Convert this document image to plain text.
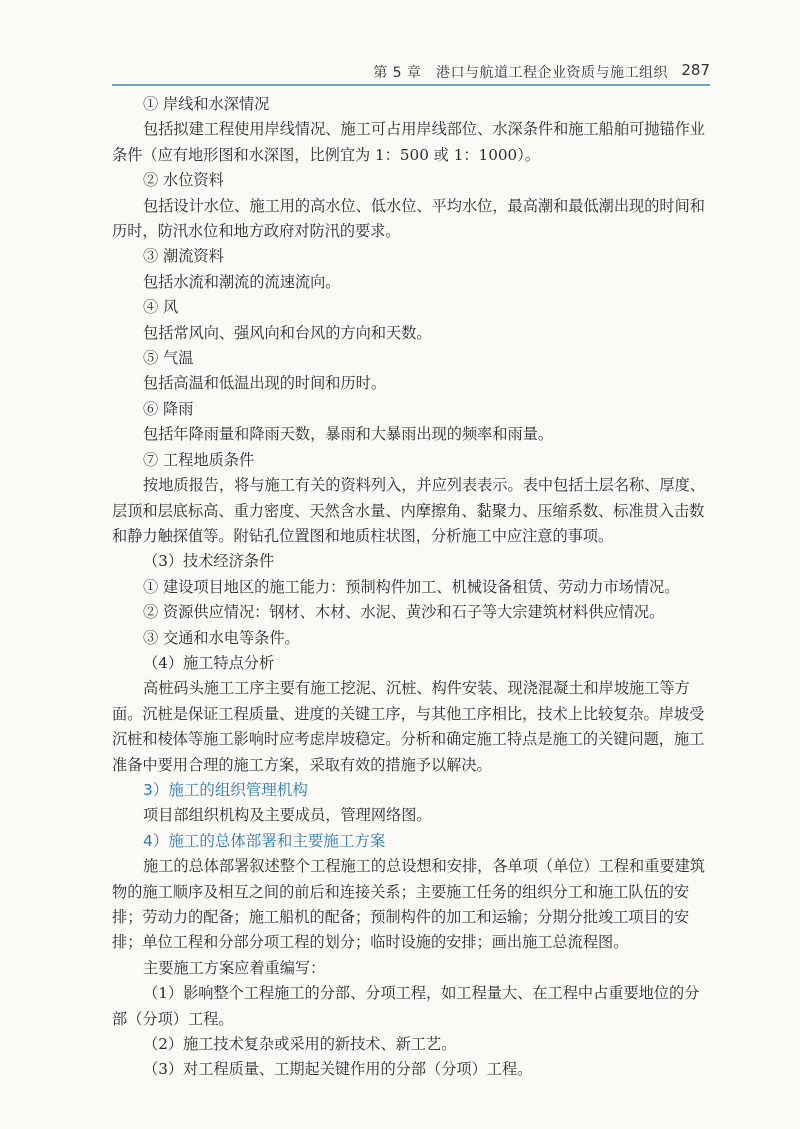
第 5 章　港口与航道工程企业资质与施工组织 287

① 岸线和水深情况

包括拟建工程使用岸线情况、施工可占用岸线部位、水深条件和施工船舶可抛锚作业条件（应有地形图和水深图，比例宜为 1：500 或 1：1000）。

② 水位资料

包括设计水位、施工用的高水位、低水位、平均水位，最高潮和最低潮出现的时间和历时，防汛水位和地方政府对防汛的要求。

③ 潮流资料

包括水流和潮流的流速流向。

④ 风

包括常风向、强风向和台风的方向和天数。

⑤ 气温

包括高温和低温出现的时间和历时。

⑥ 降雨

包括年降雨量和降雨天数，暴雨和大暴雨出现的频率和雨量。

⑦ 工程地质条件

按地质报告，将与施工有关的资料列入，并应列表表示。表中包括土层名称、厚度、层顶和层底标高、重力密度、天然含水量、内摩擦角、黏聚力、压缩系数、标准贯入击数和静力触探值等。附钻孔位置图和地质柱状图，分析施工中应注意的事项。

（3）技术经济条件

① 建设项目地区的施工能力：预制构件加工、机械设备租赁、劳动力市场情况。

② 资源供应情况：钢材、木材、水泥、黄沙和石子等大宗建筑材料供应情况。

③ 交通和水电等条件。

（4）施工特点分析

高桩码头施工工序主要有施工挖泥、沉桩、构件安装、现浇混凝土和岸坡施工等方面。沉桩是保证工程质量、进度的关键工序，与其他工序相比，技术上比较复杂。岸坡受沉桩和棱体等施工影响时应考虑岸坡稳定。分析和确定施工特点是施工的关键问题，施工准备中要用合理的施工方案，采取有效的措施予以解决。

3）施工的组织管理机构

项目部组织机构及主要成员，管理网络图。

4）施工的总体部署和主要施工方案

施工的总体部署叙述整个工程施工的总设想和安排，各单项（单位）工程和重要建筑物的施工顺序及相互之间的前后和连接关系；主要施工任务的组织分工和施工队伍的安排；劳动力的配备；施工船机的配备；预制构件的加工和运输；分期分批竣工项目的安排；单位工程和分部分项工程的划分；临时设施的安排；画出施工总流程图。

主要施工方案应着重编写：

（1）影响整个工程施工的分部、分项工程，如工程量大、在工程中占重要地位的分部（分项）工程。

（2）施工技术复杂或采用的新技术、新工艺。

（3）对工程质量、工期起关键作用的分部（分项）工程。
